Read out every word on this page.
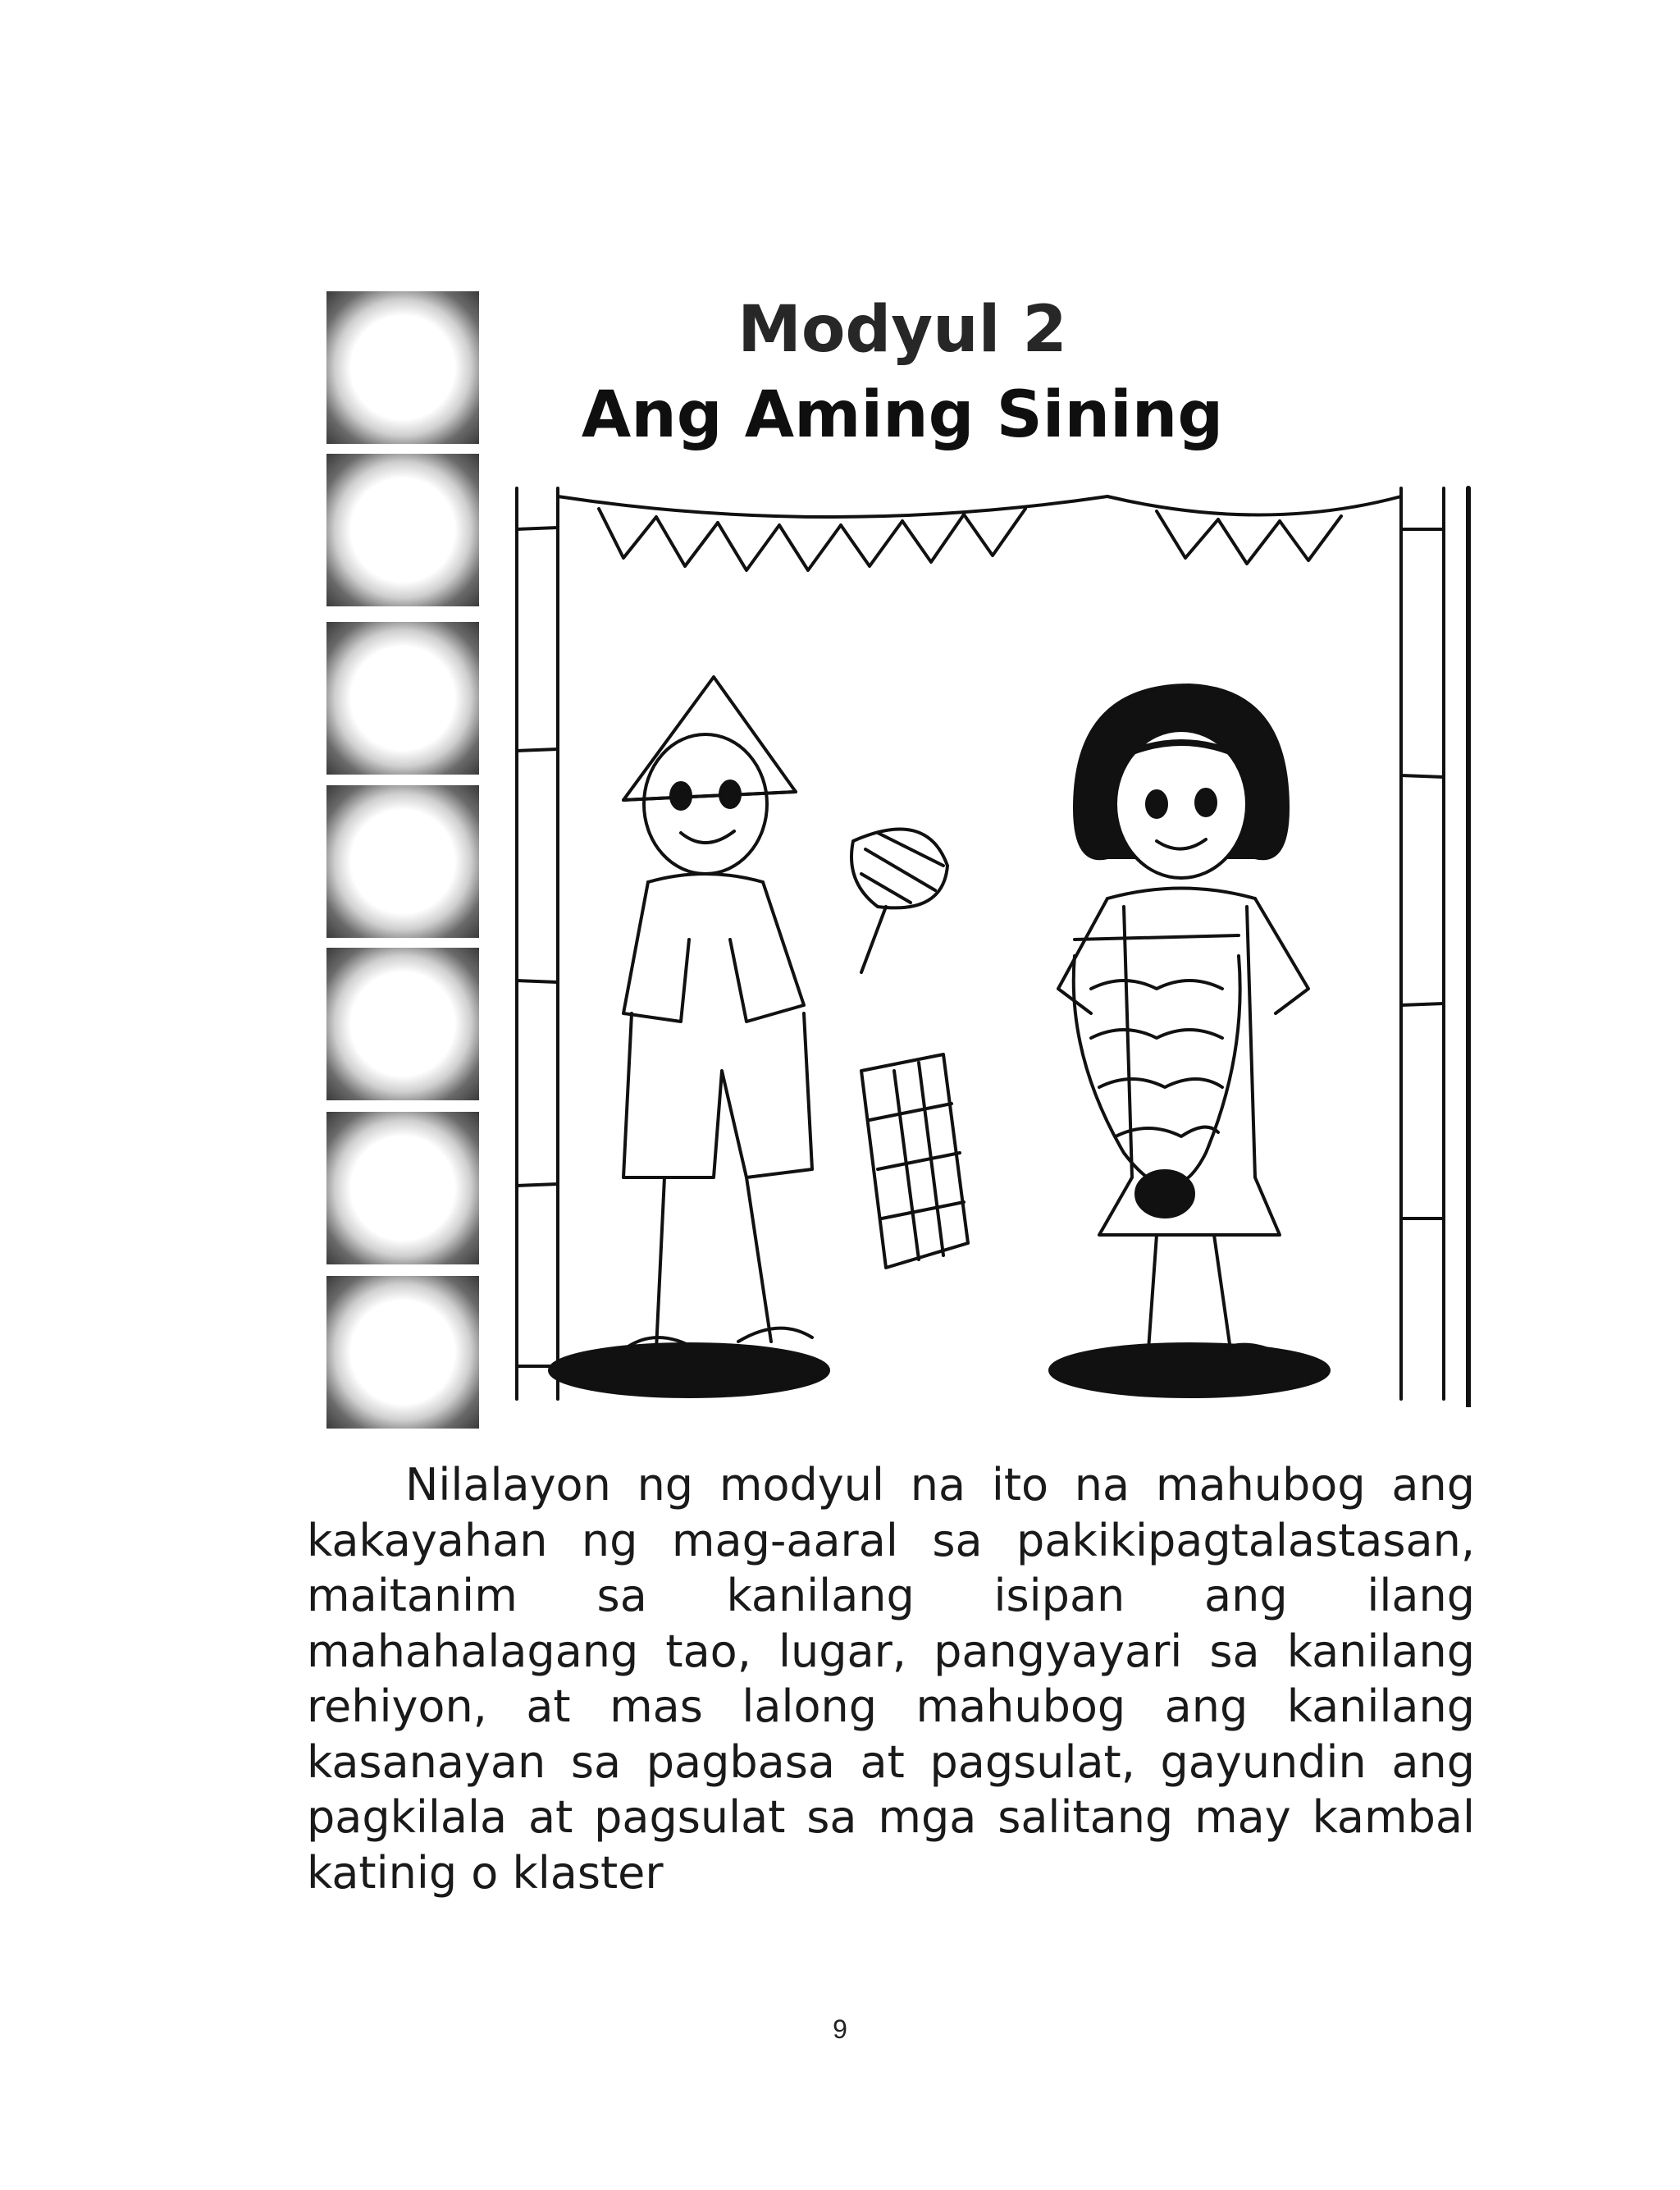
Modyul 2
Ang Aming Sining

Nilalayon ng modyul na ito na mahubog ang kakayahan ng mag-aaral sa pakikipagtalastasan, maitanim sa kanilang isipan ang ilang mahahalagang tao, lugar, pangyayari sa kanilang rehiyon, at mas lalong mahubog ang kanilang kasanayan sa pagbasa at pagsulat, gayundin ang pagkilala at pagsulat sa mga salitang may kambal katinig o klaster

9
